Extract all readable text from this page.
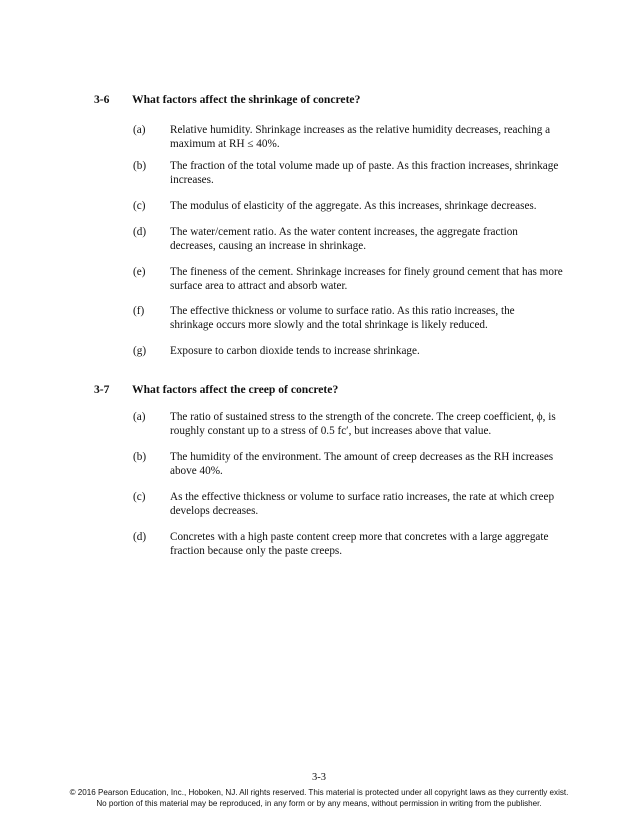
3-6 What factors affect the shrinkage of concrete?
(a) Relative humidity. Shrinkage increases as the relative humidity decreases, reaching a maximum at RH ≤ 40%.
(b) The fraction of the total volume made up of paste. As this fraction increases, shrinkage increases.
(c) The modulus of elasticity of the aggregate. As this increases, shrinkage decreases.
(d) The water/cement ratio. As the water content increases, the aggregate fraction decreases, causing an increase in shrinkage.
(e) The fineness of the cement. Shrinkage increases for finely ground cement that has more surface area to attract and absorb water.
(f) The effective thickness or volume to surface ratio. As this ratio increases, the shrinkage occurs more slowly and the total shrinkage is likely reduced.
(g) Exposure to carbon dioxide tends to increase shrinkage.
3-7 What factors affect the creep of concrete?
(a) The ratio of sustained stress to the strength of the concrete. The creep coefficient, ϕ, is roughly constant up to a stress of 0.5 fc′, but increases above that value.
(b) The humidity of the environment. The amount of creep decreases as the RH increases above 40%.
(c) As the effective thickness or volume to surface ratio increases, the rate at which creep develops decreases.
(d) Concretes with a high paste content creep more that concretes with a large aggregate fraction because only the paste creeps.
3-3
© 2016 Pearson Education, Inc., Hoboken, NJ. All rights reserved. This material is protected under all copyright laws as they currently exist.
No portion of this material may be reproduced, in any form or by any means, without permission in writing from the publisher.
